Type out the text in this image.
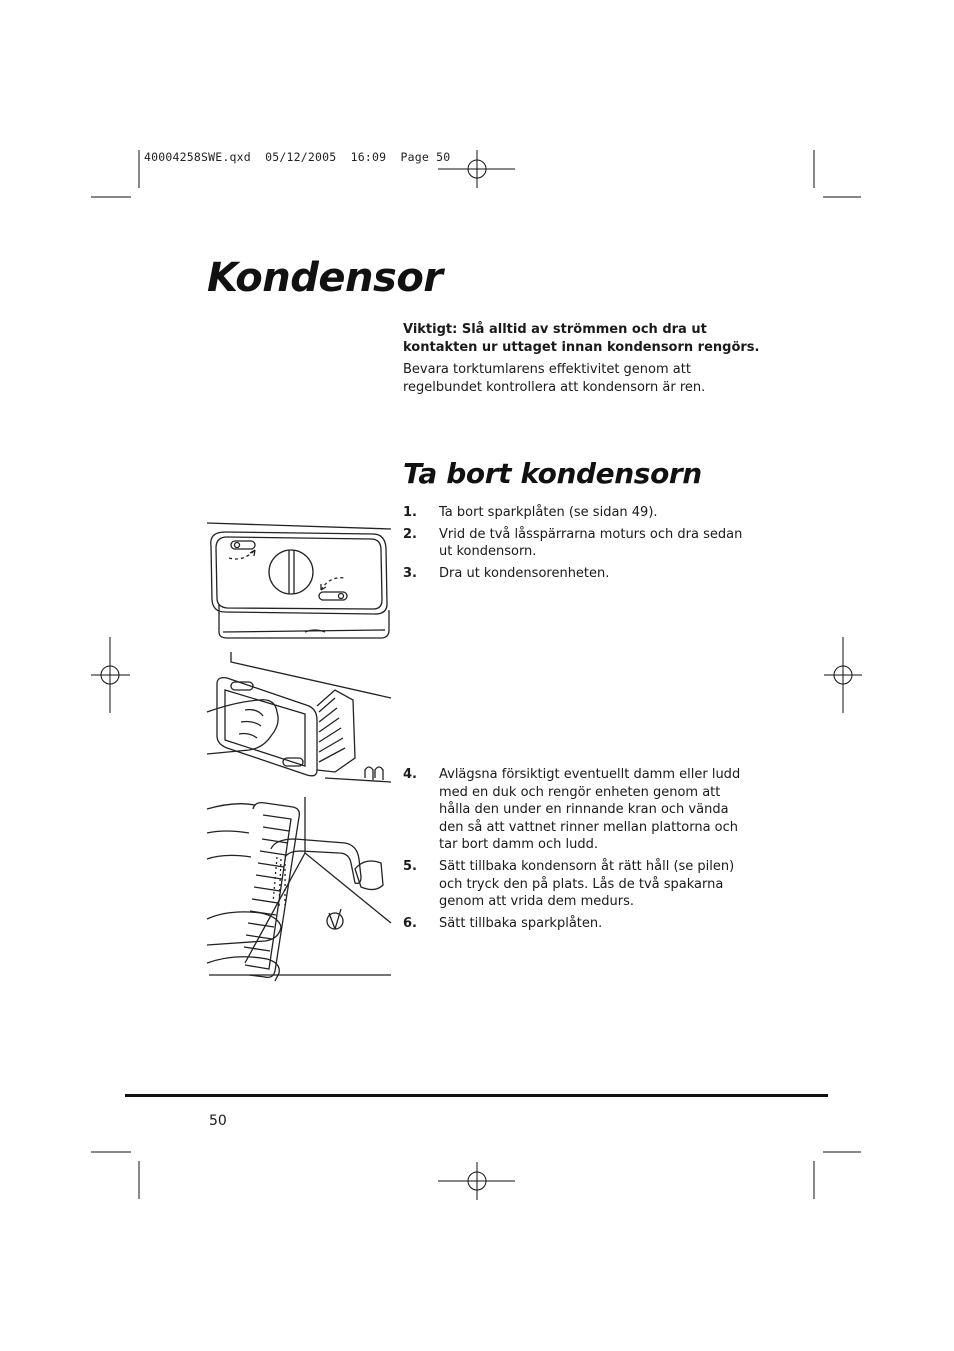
40004258SWE.qxd  05/12/2005  16:09  Page 50
Kondensor
Viktigt: Slå alltid av strömmen och dra ut kontakten ur uttaget innan kondensorn rengörs.
Bevara torktumlarens effektivitet genom att regelbundet kontrollera att kondensorn är ren.
Ta bort kondensorn
1.	Ta bort sparkplåten (se sidan 49).
2.	Vrid de två låsspärrarna moturs och dra sedan ut kondensorn.
3.	Dra ut kondensorenheten.
4.	Avlägsna försiktigt eventuellt damm eller ludd med en duk och rengör enheten genom att hålla den under en rinnande kran och vända den så att vattnet rinner mellan plattorna och tar bort damm och ludd.
5.	Sätt tillbaka kondensorn åt rätt håll (se pilen) och tryck den på plats. Lås de två spakarna genom att vrida dem medurs.
6.	Sätt tillbaka sparkplåten.
50
